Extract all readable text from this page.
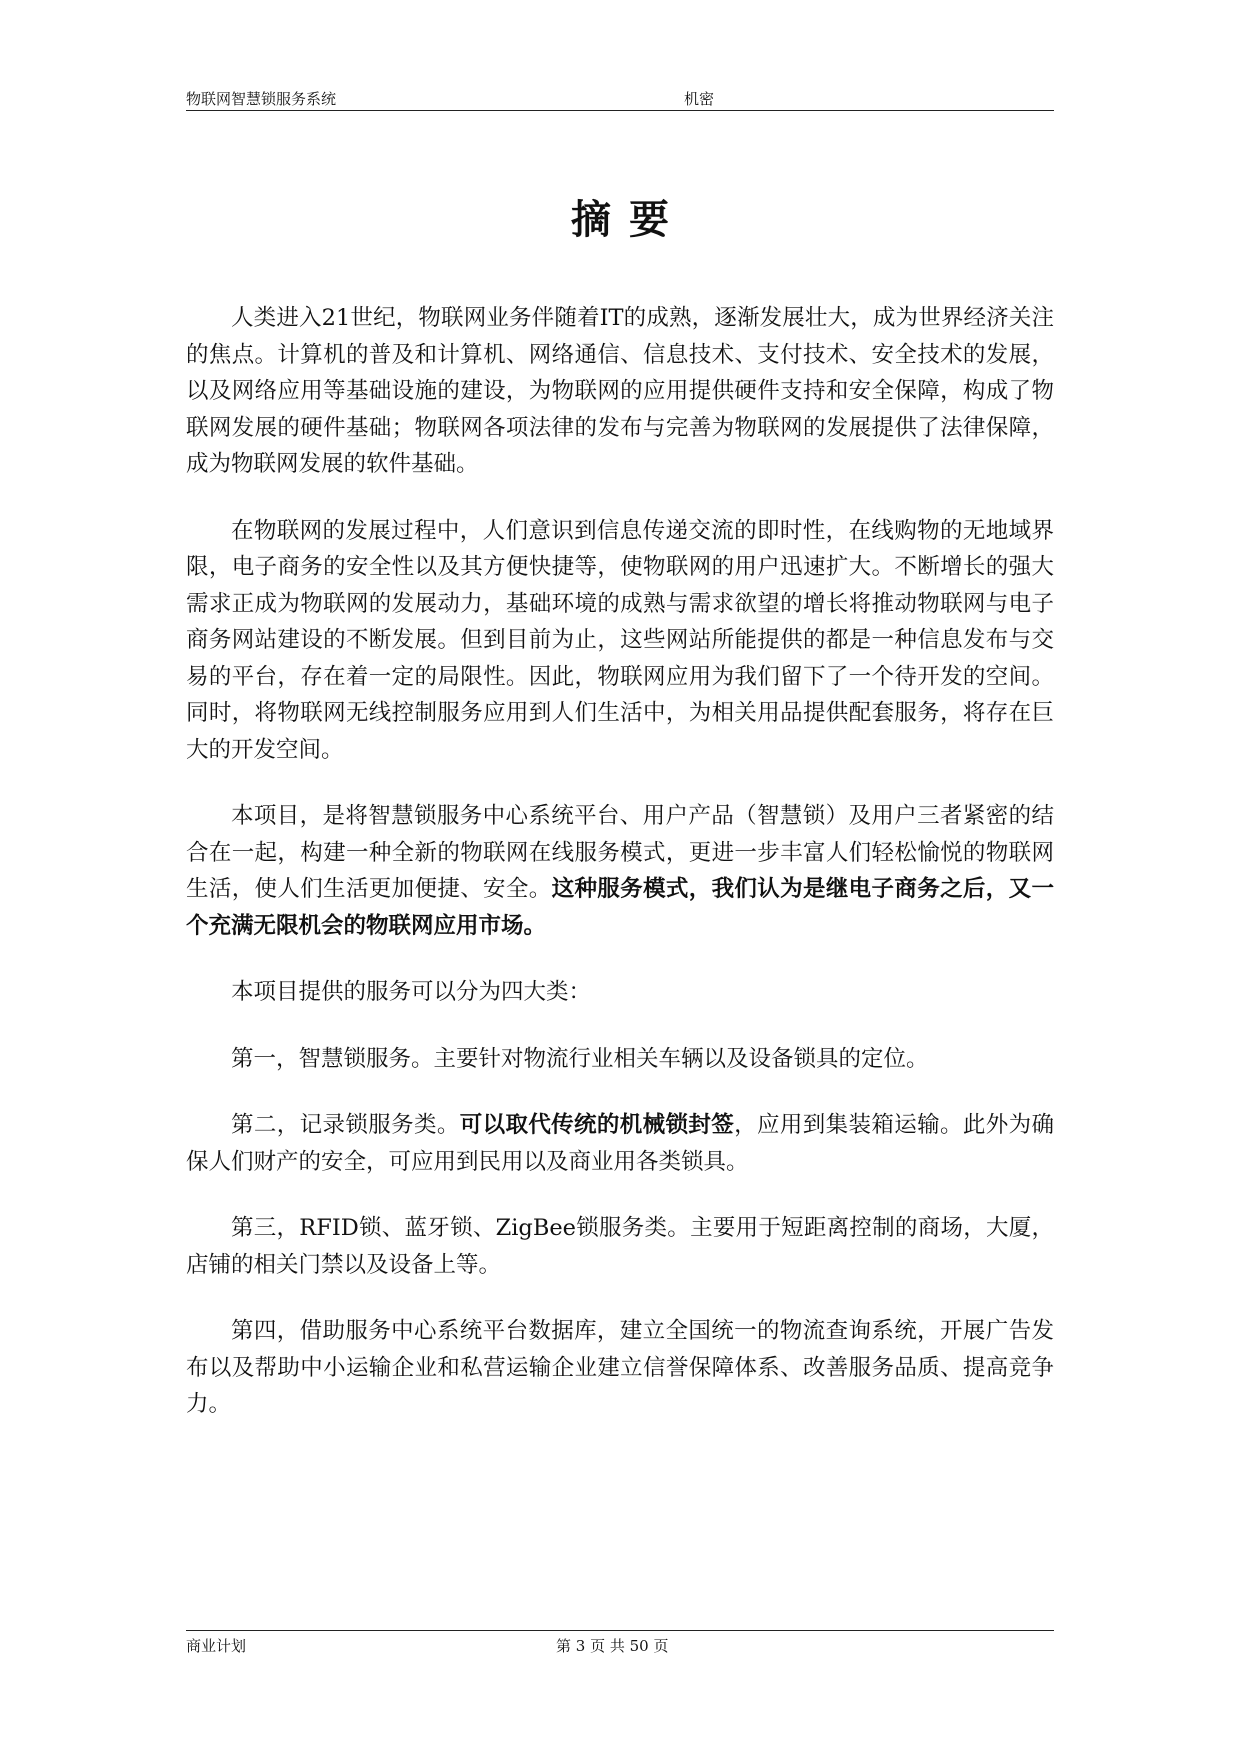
物联网智慧锁服务系统	机密
摘要

人类进入21世纪，物联网业务伴随着IT的成熟，逐渐发展壮大，成为世界经济关注的焦点。计算机的普及和计算机、网络通信、信息技术、支付技术、安全技术的发展，以及网络应用等基础设施的建设，为物联网的应用提供硬件支持和安全保障，构成了物联网发展的硬件基础；物联网各项法律的发布与完善为物联网的发展提供了法律保障，成为物联网发展的软件基础。

在物联网的发展过程中，人们意识到信息传递交流的即时性，在线购物的无地域界限，电子商务的安全性以及其方便快捷等，使物联网的用户迅速扩大。不断增长的强大需求正成为物联网的发展动力，基础环境的成熟与需求欲望的增长将推动物联网与电子商务网站建设的不断发展。但到目前为止，这些网站所能提供的都是一种信息发布与交易的平台，存在着一定的局限性。因此，物联网应用为我们留下了一个待开发的空间。同时，将物联网无线控制服务应用到人们生活中，为相关用品提供配套服务，将存在巨大的开发空间。

本项目，是将智慧锁服务中心系统平台、用户产品（智慧锁）及用户三者紧密的结合在一起，构建一种全新的物联网在线服务模式，更进一步丰富人们轻松愉悦的物联网生活，使人们生活更加便捷、安全。这种服务模式，我们认为是继电子商务之后，又一个充满无限机会的物联网应用市场。

本项目提供的服务可以分为四大类：

第一，智慧锁服务。主要针对物流行业相关车辆以及设备锁具的定位。

第二，记录锁服务类。可以取代传统的机械锁封签，应用到集装箱运输。此外为确保人们财产的安全，可应用到民用以及商业用各类锁具。

第三，RFID锁、蓝牙锁、ZigBee锁服务类。主要用于短距离控制的商场，大厦，店铺的相关门禁以及设备上等。

第四，借助服务中心系统平台数据库，建立全国统一的物流查询系统，开展广告发布以及帮助中小运输企业和私营运输企业建立信誉保障体系、改善服务品质、提高竞争力。

商业计划	第 3 页 共 50 页
